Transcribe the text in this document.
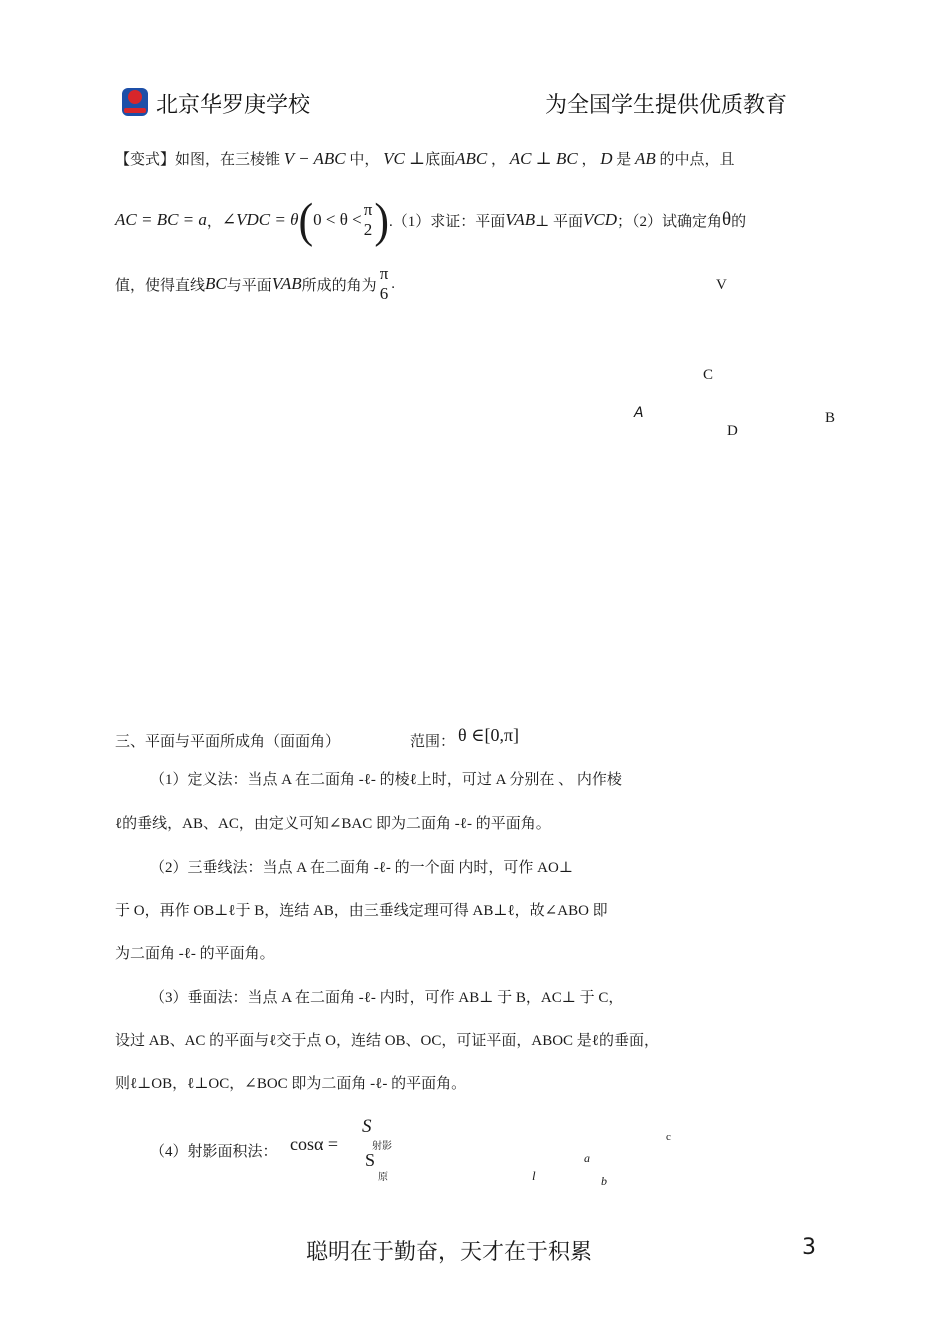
北京华罗庚学校	为全国学生提供优质教育
【变式】如图，在三棱锥 V − ABC 中， VC ⊥底面ABC ， AC ⊥ BC ， D 是 AB 的中点，且
AC = BC = a ， ∠VDC = θ ( 0 < θ <
π
2 ) .（1）求证：平面 VAB ⊥ 平面 VCD ；（2）试确定角 θ 的
值，使得直线 BC 与平面 VAB 所成的角为
π
6
.	V
C
A
D
B
三、平面与平面所成角（面面角）	范围： θ ∈[0,π]
（1）定义法：当点 A 在二面角 -ℓ- 的棱ℓ上时，可过 A 分别在 、 内作棱
ℓ的垂线，AB、AC，由定义可知∠BAC 即为二面角 -ℓ- 的平面角。
（2）三垂线法：当点 A 在二面角 -ℓ- 的一个面 内时，可作 AO⊥
于 O，再作 OB⊥ℓ于 B，连结 AB，由三垂线定理可得 AB⊥ℓ，故∠ABO 即
为二面角 -ℓ- 的平面角。
（3）垂面法：当点 A 在二面角 -ℓ- 内时，可作 AB⊥ 于 B，AC⊥ 于 C，
设过 AB、AC 的平面与ℓ交于点 O，连结 OB、OC，可证平面，ABOC 是ℓ的垂面，
则ℓ⊥OB，ℓ⊥OC，∠BOC 即为二面角 -ℓ- 的平面角。
（4）射影面积法： cosα =
S
射影
S
原
c
a
l	b
聪明在于勤奋，天才在于积累	3
